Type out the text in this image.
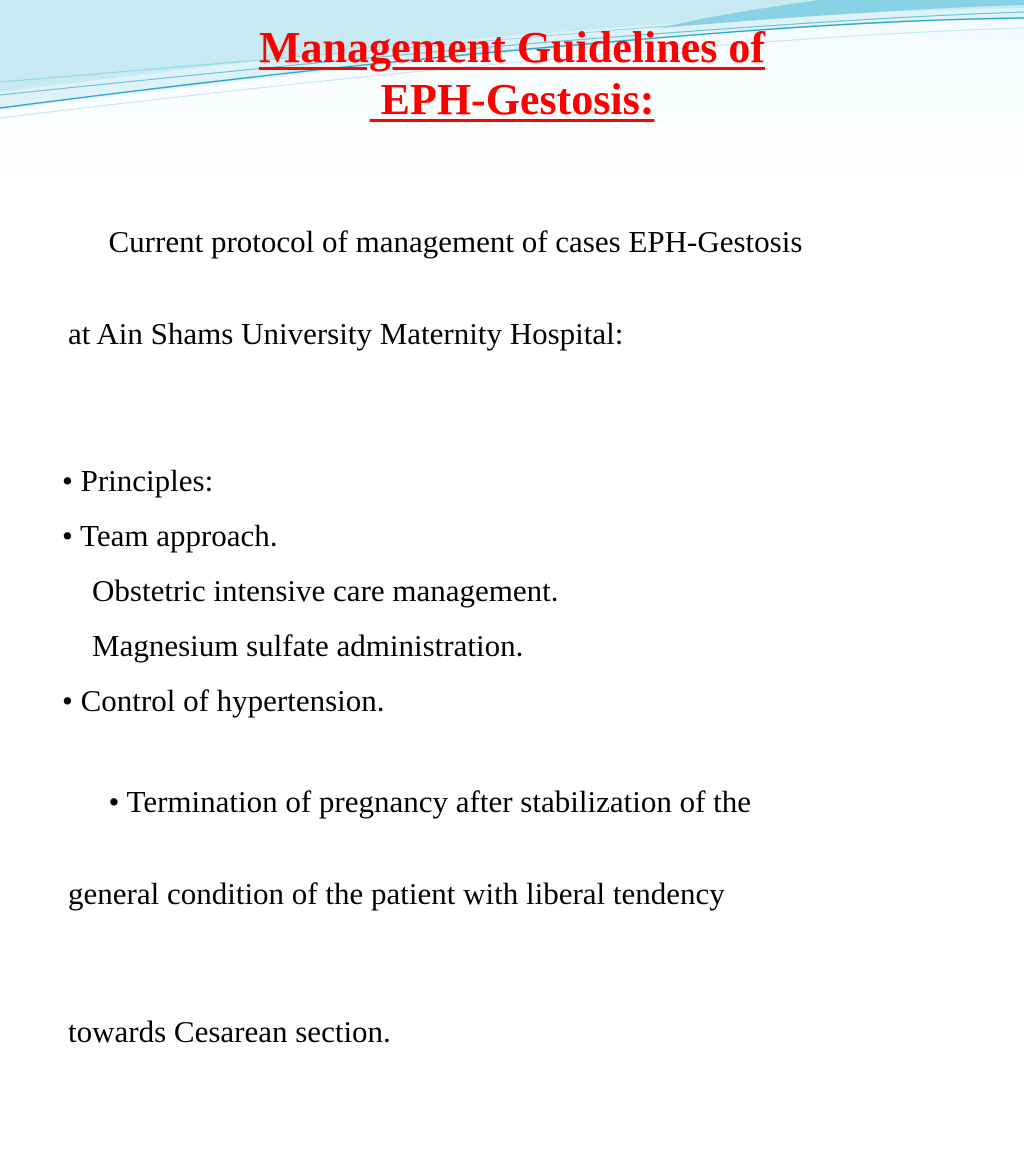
Management Guidelines of
EPH-Gestosis:

Current protocol of management of cases EPH-Gestosis

at Ain Shams University Maternity Hospital:

• Principles:
• Team approach.
Obstetric intensive care management.
Magnesium sulfate administration.
• Control of hypertension.

• Termination of pregnancy after stabilization of the

general condition of the patient with liberal tendency

towards Cesarean section.
